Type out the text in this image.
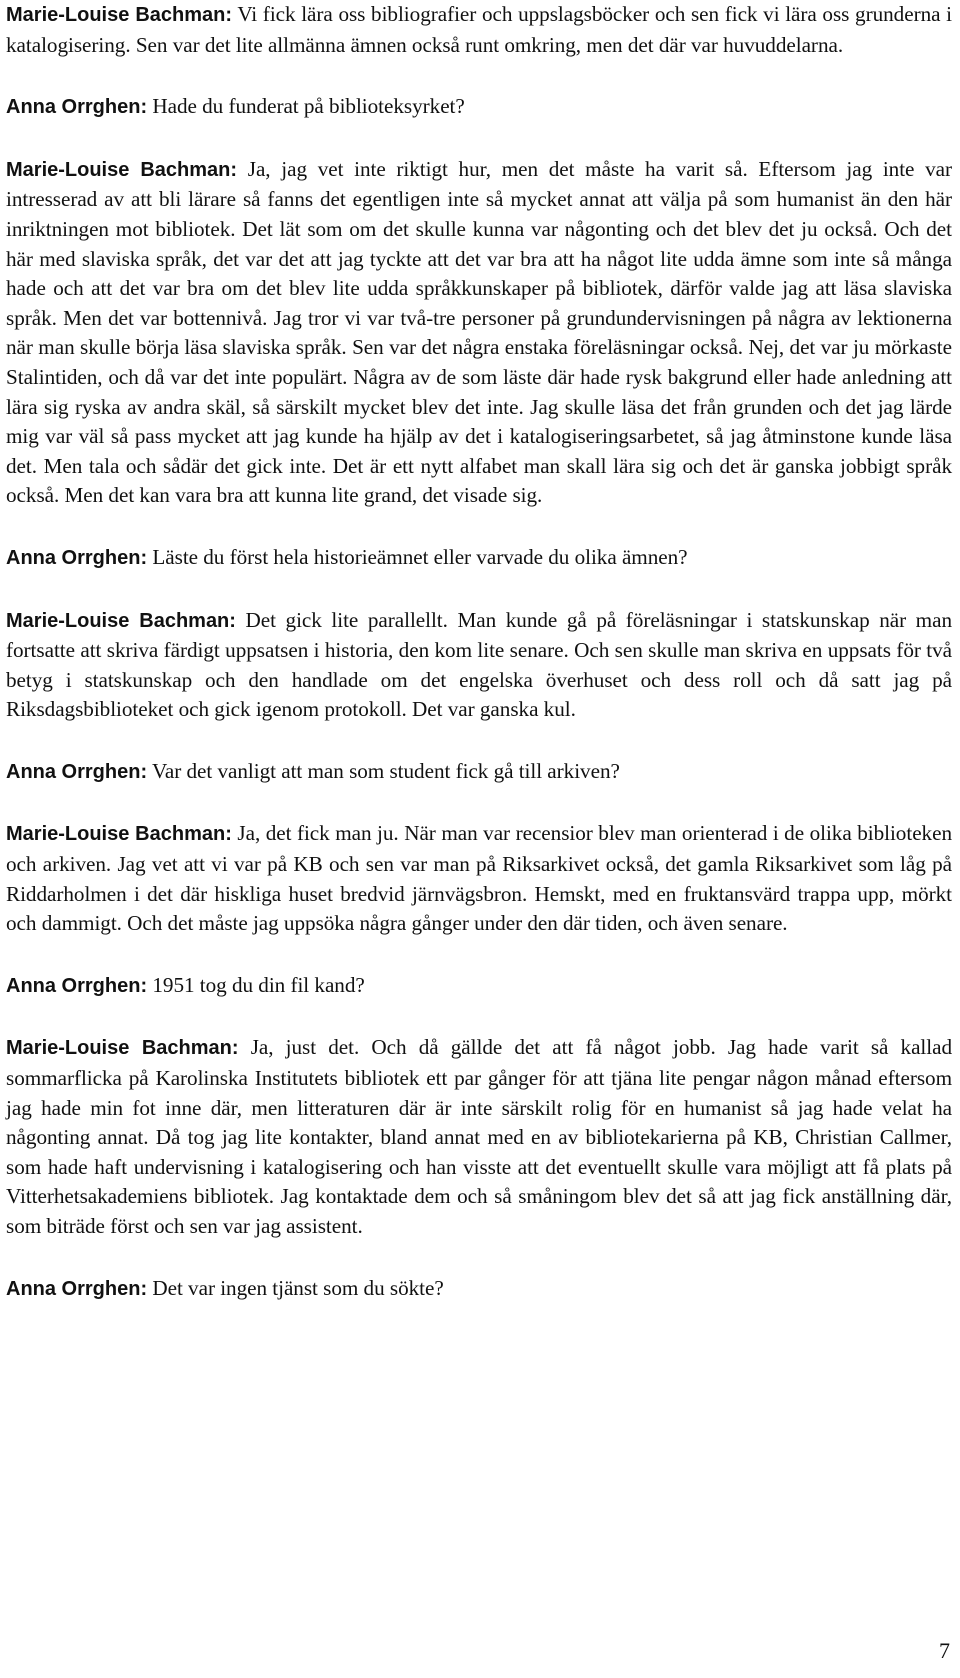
Marie-Louise Bachman: Vi fick lära oss bibliografier och uppslagsböcker och sen fick vi lära oss grunderna i katalogisering. Sen var det lite allmänna ämnen också runt omkring, men det där var huvuddelarna.
Anna Orrghen: Hade du funderat på biblioteksyrket?
Marie-Louise Bachman: Ja, jag vet inte riktigt hur, men det måste ha varit så. Eftersom jag inte var intresserad av att bli lärare så fanns det egentligen inte så mycket annat att välja på som humanist än den här inriktningen mot bibliotek. Det lät som om det skulle kunna var någonting och det blev det ju också. Och det här med slaviska språk, det var det att jag tyckte att det var bra att ha något lite udda ämne som inte så många hade och att det var bra om det blev lite udda språkkunskaper på bibliotek, därför valde jag att läsa slaviska språk. Men det var bottennivå. Jag tror vi var två-tre personer på grundundervisningen på några av lektionerna när man skulle börja läsa slaviska språk. Sen var det några enstaka föreläsningar också. Nej, det var ju mörkaste Stalintiden, och då var det inte populärt. Några av de som läste där hade rysk bakgrund eller hade anledning att lära sig ryska av andra skäl, så särskilt mycket blev det inte. Jag skulle läsa det från grunden och det jag lärde mig var väl så pass mycket att jag kunde ha hjälp av det i katalogiseringsarbetet, så jag åtminstone kunde läsa det. Men tala och sådär det gick inte. Det är ett nytt alfabet man skall lära sig och det är ganska jobbigt språk också. Men det kan vara bra att kunna lite grand, det visade sig.
Anna Orrghen: Läste du först hela historieämnet eller varvade du olika ämnen?
Marie-Louise Bachman: Det gick lite parallellt. Man kunde gå på föreläsningar i statskunskap när man fortsatte att skriva färdigt uppsatsen i historia, den kom lite senare. Och sen skulle man skriva en uppsats för två betyg i statskunskap och den handlade om det engelska överhuset och dess roll och då satt jag på Riksdagsbiblioteket och gick igenom protokoll. Det var ganska kul.
Anna Orrghen: Var det vanligt att man som student fick gå till arkiven?
Marie-Louise Bachman: Ja, det fick man ju. När man var recensior blev man orienterad i de olika biblioteken och arkiven. Jag vet att vi var på KB och sen var man på Riksarkivet också, det gamla Riksarkivet som låg på Riddarholmen i det där hiskliga huset bredvid järnvägsbron. Hemskt, med en fruktansvärd trappa upp, mörkt och dammigt. Och det måste jag uppsöka några gånger under den där tiden, och även senare.
Anna Orrghen: 1951 tog du din fil kand?
Marie-Louise Bachman: Ja, just det. Och då gällde det att få något jobb. Jag hade varit så kallad sommarflicka på Karolinska Institutets bibliotek ett par gånger för att tjäna lite pengar någon månad eftersom jag hade min fot inne där, men litteraturen där är inte särskilt rolig för en humanist så jag hade velat ha någonting annat. Då tog jag lite kontakter, bland annat med en av bibliotekarierna på KB, Christian Callmer, som hade haft undervisning i katalogisering och han visste att det eventuellt skulle vara möjligt att få plats på Vitterhetsakademiens bibliotek. Jag kontaktade dem och så småningom blev det så att jag fick anställning där, som biträde först och sen var jag assistent.
Anna Orrghen: Det var ingen tjänst som du sökte?
7
